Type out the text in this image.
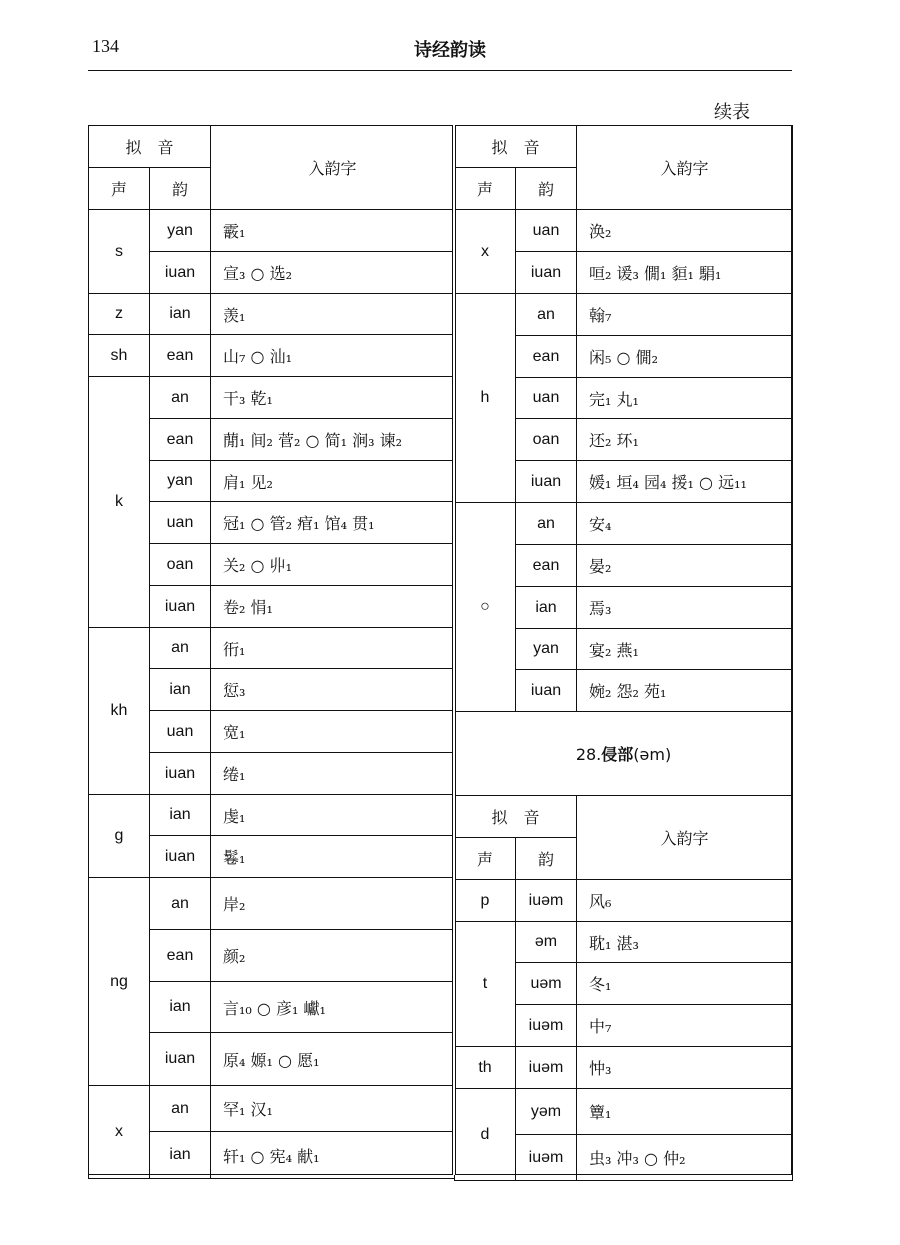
134	诗经韵读
续表
拟　音		入韵字
声	韵	
s	yan	霰₁
	iuan	宣₃ ○ 选₂
z	ian	羡₁
sh	ean	山₇ ○ 汕₁
k	an	干₃ 乾₁
	ean	蕑₁ 间₂ 菅₂ ○ 简₁ 涧₃ 谏₂
	yan	肩₁ 见₂
	uan	冠₁ ○ 管₂ 痯₁ 馆₄ 贯₁
	oan	关₂ ○ 丱₁
	iuan	卷₂ 悁₁
kh	an	衎₁
	ian	愆₃
	uan	宽₁
	iuan	绻₁
g	ian	虔₁
	iuan	鬈₁
ng	an	岸₂
	ean	颜₂
	ian	言₁₀ ○ 彦₁ 巘₁
	iuan	原₄ 嫄₁ ○ 愿₁
x	an	罕₁ 汉₁
	ian	轩₁ ○ 宪₄ 献₁
拟　音		入韵字
声	韵	
x	uan	涣₂
	iuan	咺₂ 谖₃ 僩₁ 貆₁ 駽₁
h	an	翰₇
	ean	闲₅ ○ 僩₂
	uan	完₁ 丸₁
	oan	还₂ 环₁
	iuan	媛₁ 垣₄ 园₄ 援₁ ○ 远₁₁
○	an	安₄
	ean	晏₂
	ian	焉₃
	yan	宴₂ 燕₁
	iuan	婉₂ 怨₂ 苑₁
28.侵部(əm)		
拟　音		入韵字
声	韵	
p	iuəm	风₆
t	əm	耽₁ 湛₃
	uəm	冬₁
	iuəm	中₇
th	iuəm	忡₃
d	yəm	簟₁
	iuəm	虫₃ 冲₃ ○ 仲₂
